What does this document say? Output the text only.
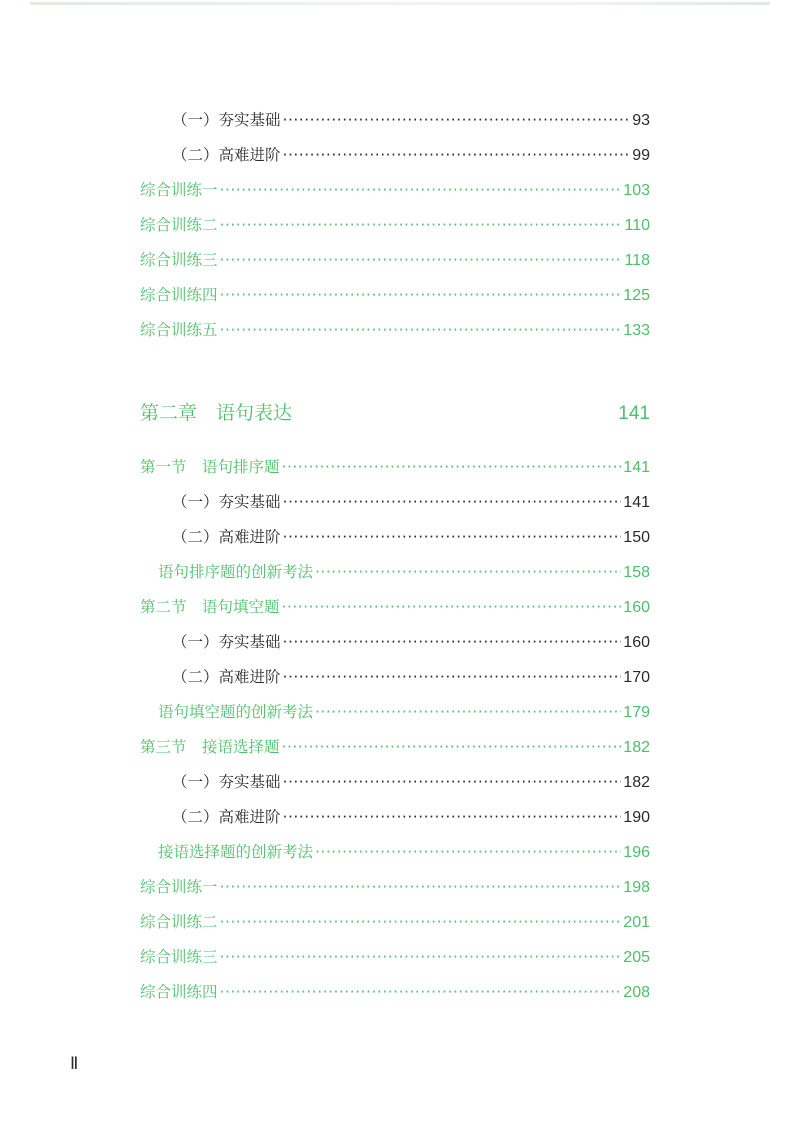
（一）夯实基础 ·····	93
（二）高难进阶 ·····	99
综合训练一 ·····	103
综合训练二 ·····	110
综合训练三 ·····	118
综合训练四 ·····	125
综合训练五 ·····	133
第二章　语句表达	141
第一节　语句排序题 ·····	141
（一）夯实基础 ·····	141
（二）高难进阶 ·····	150
语句排序题的创新考法 ·····	158
第二节　语句填空题 ·····	160
（一）夯实基础 ·····	160
（二）高难进阶 ·····	170
语句填空题的创新考法 ·····	179
第三节　接语选择题 ·····	182
（一）夯实基础 ·····	182
（二）高难进阶 ·····	190
接语选择题的创新考法 ·····	196
综合训练一 ·····	198
综合训练二 ·····	201
综合训练三 ·····	205
综合训练四 ·····	208
Ⅱ
